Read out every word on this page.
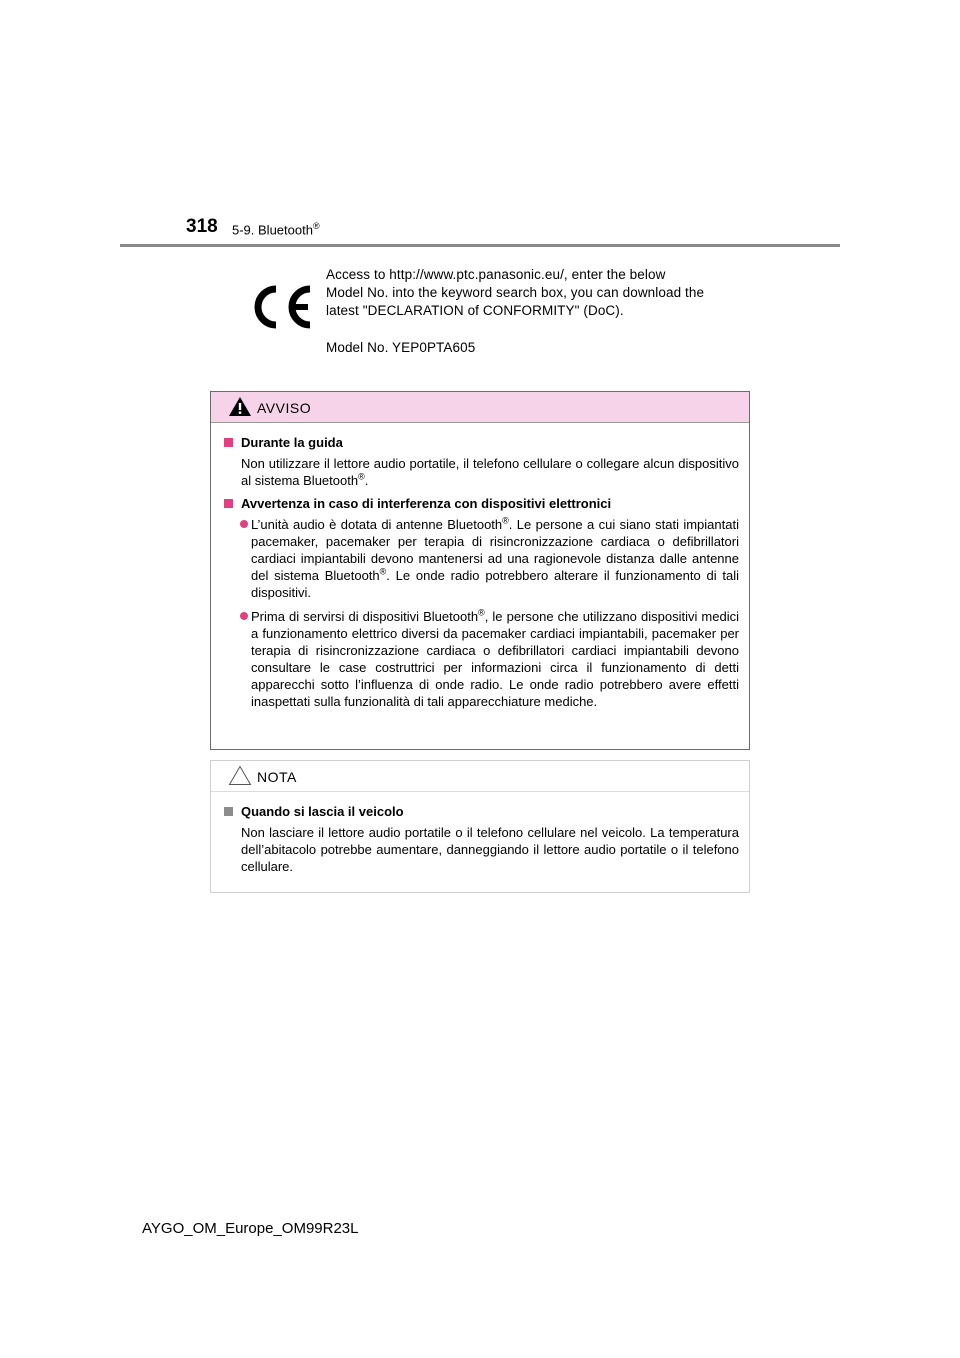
318 5-9. Bluetooth®
Access to http://www.ptc.panasonic.eu/, enter the below
Model No. into the keyword search box, you can download the
latest "DECLARATION of CONFORMITY" (DoC).
Model No. YEP0PTA605
AVVISO
Durante la guida
Non utilizzare il lettore audio portatile, il telefono cellulare o collegare alcun dispositivo al sistema Bluetooth®.
Avvertenza in caso di interferenza con dispositivi elettronici
L’unità audio è dotata di antenne Bluetooth®. Le persone a cui siano stati impiantati pacemaker, pacemaker per terapia di risincronizzazione cardiaca o defibrillatori cardiaci impiantabili devono mantenersi ad una ragionevole distanza dalle antenne del sistema Bluetooth®. Le onde radio potrebbero alterare il funzionamento di tali dispositivi.
Prima di servirsi di dispositivi Bluetooth®, le persone che utilizzano dispositivi medici a funzionamento elettrico diversi da pacemaker cardiaci impiantabili, pacemaker per terapia di risincronizzazione cardiaca o defibrillatori cardiaci impiantabili devono consultare le case costruttrici per informazioni circa il funzionamento di detti apparecchi sotto l’influenza di onde radio. Le onde radio potrebbero avere effetti inaspettati sulla funzionalità di tali apparecchiature mediche.
NOTA
Quando si lascia il veicolo
Non lasciare il lettore audio portatile o il telefono cellulare nel veicolo. La temperatura dell’abitacolo potrebbe aumentare, danneggiando il lettore audio portatile o il telefono cellulare.
AYGO_OM_Europe_OM99R23L
